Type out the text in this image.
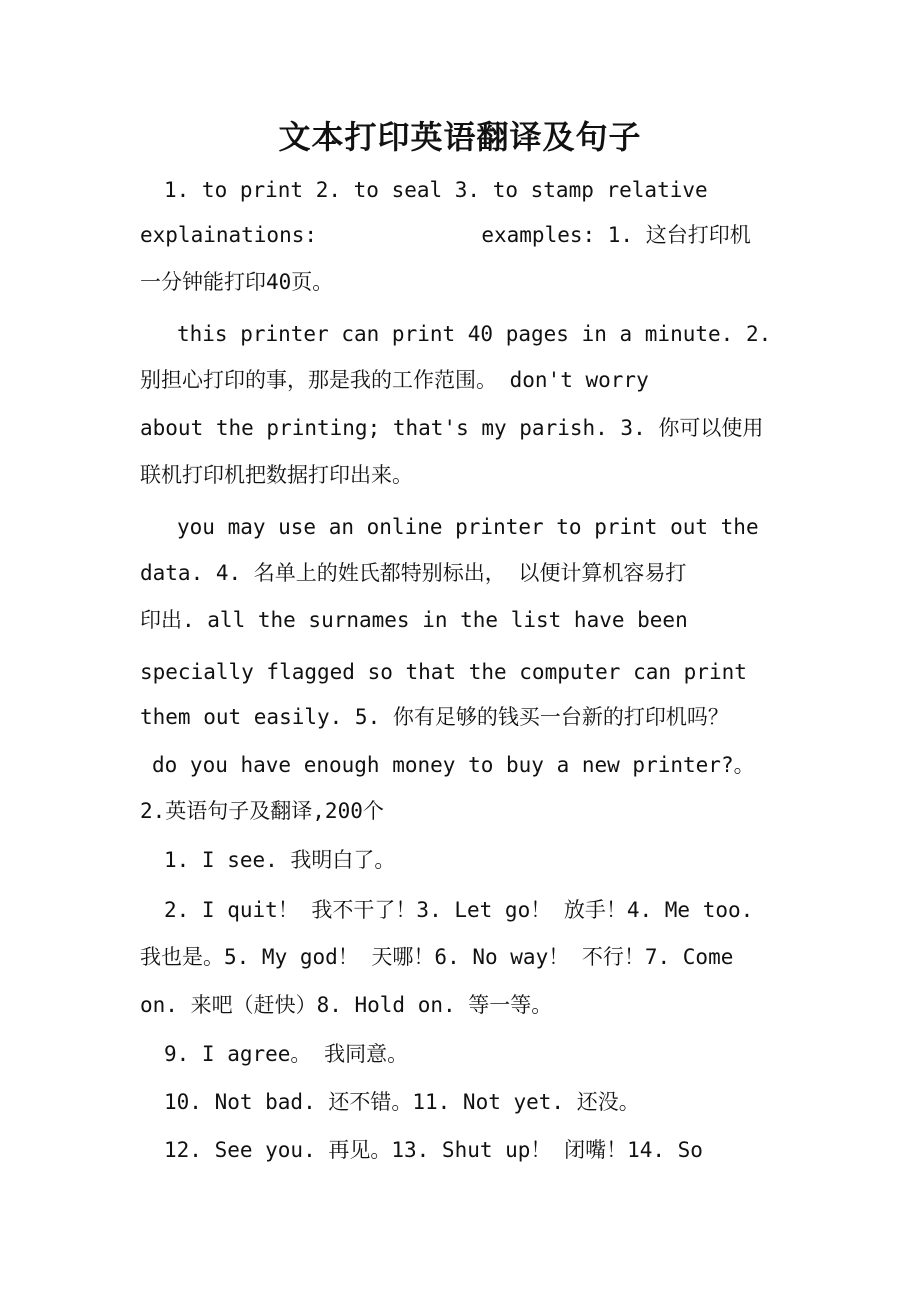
文本打印英语翻译及句子
1. to print 2. to seal 3. to stamp relative
explainations:             examples: 1. 这台打印机
一分钟能打印40页。
this printer can print 40 pages in a minute. 2.
别担心打印的事，那是我的工作范围。 don't worry
about the printing; that's my parish. 3. 你可以使用
联机打印机把数据打印出来。
you may use an online printer to print out the
data. 4. 名单上的姓氏都特别标出， 以便计算机容易打
印出. all the surnames in the list have been
specially flagged so that the computer can print
them out easily. 5. 你有足够的钱买一台新的打印机吗？
do you have enough money to buy a new printer?。
2.英语句子及翻译,200个
1. I see. 我明白了。
2. I quit！ 我不干了！3. Let go！ 放手！4. Me too.
我也是。5. My god！ 天哪！6. No way！ 不行！7. Come
on. 来吧（赶快）8. Hold on. 等一等。
9. I agree。 我同意。
10. Not bad. 还不错。11. Not yet. 还没。
12. See you. 再见。13. Shut up！ 闭嘴！14. So
